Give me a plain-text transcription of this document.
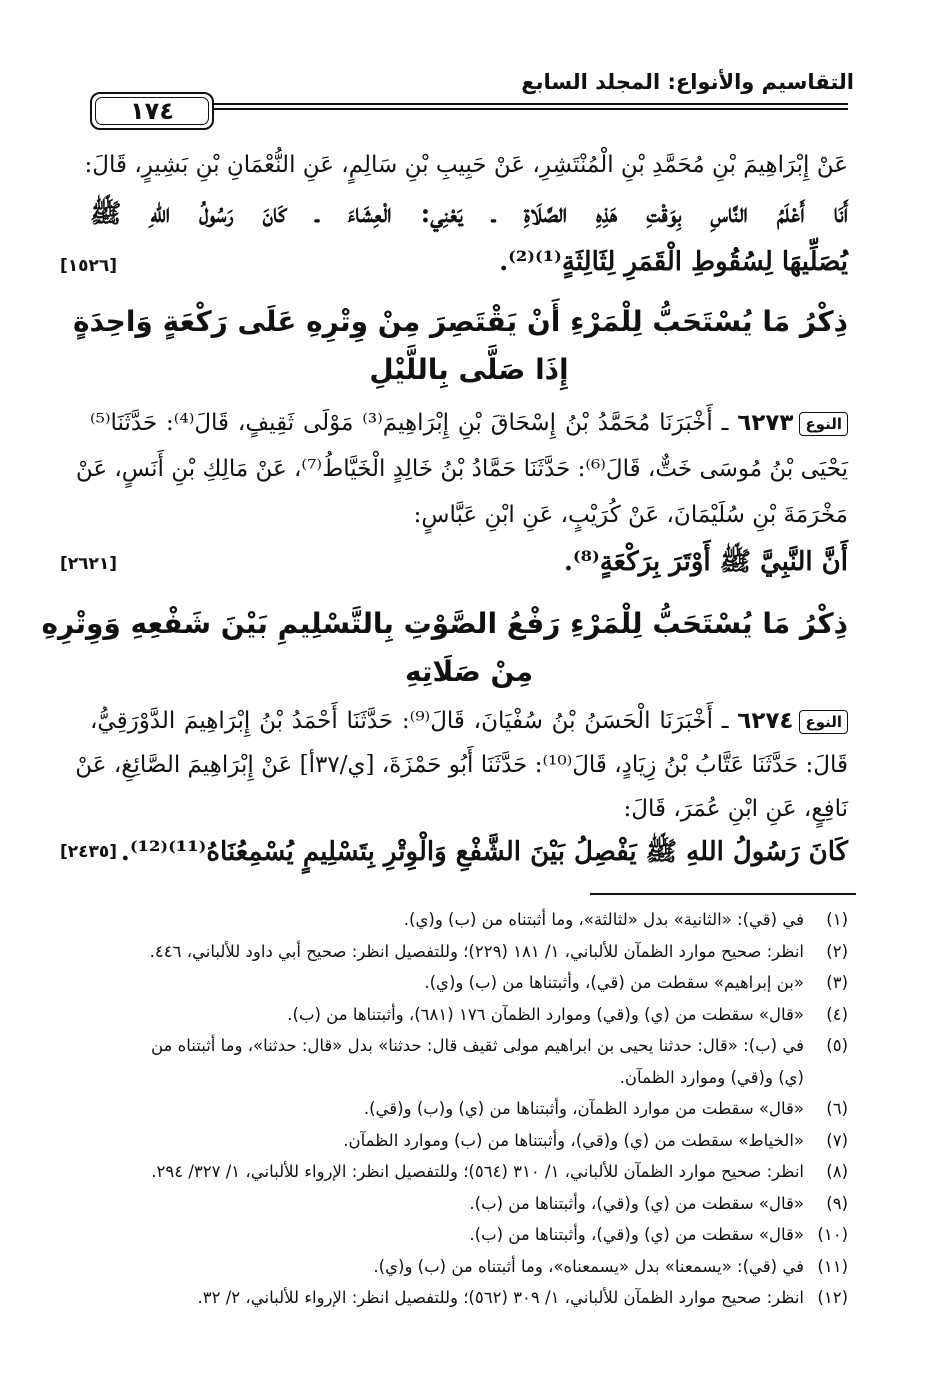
التقاسيم والأنواع: المجلد السابع
١٧٤
عَنْ إِبْرَاهِيمَ بْنِ مُحَمَّدِ بْنِ الْمُنْتَشِرِ، عَنْ حَبِيبِ بْنِ سَالِمٍ، عَنِ النُّعْمَانِ بْنِ بَشِيرٍ، قَالَ:
أَنَا أَعْلَمُ النَّاسِ بِوَقْتِ هَذِهِ الصَّلَاةِ ـ يَعْنِي: الْعِشَاءَ ـ كَانَ رَسُولُ اللهِ ﷺ
يُصَلِّيهَا لِسُقُوطِ الْقَمَرِ لِثَالِثَةٍ⁽¹⁾⁽²⁾.
[١٥٢٦]
ذِكْرُ مَا يُسْتَحَبُّ لِلْمَرْءِ أَنْ يَقْتَصِرَ مِنْ وِتْرِهِ عَلَى رَكْعَةٍ وَاحِدَةٍ
إِذَا صَلَّى بِاللَّيْلِ
النوع٦٢٧٣ ـ أَخْبَرَنَا مُحَمَّدُ بْنُ إِسْحَاقَ بْنِ إِبْرَاهِيمَ⁽³⁾ مَوْلَى ثَقِيفٍ، قَالَ⁽⁴⁾: حَدَّثَنَا⁽⁵⁾
يَحْيَى بْنُ مُوسَى خَتٌّ، قَالَ⁽⁶⁾: حَدَّثَنَا حَمَّادُ بْنُ خَالِدٍ الْخَيَّاطُ⁽⁷⁾، عَنْ مَالِكِ بْنِ أَنَسٍ، عَنْ
مَخْرَمَةَ بْنِ سُلَيْمَانَ، عَنْ كُرَيْبٍ، عَنِ ابْنِ عَبَّاسٍ:
أَنَّ النَّبِيَّ ﷺ أَوْتَرَ بِرَكْعَةٍ⁽⁸⁾.
[٢٦٢١]
ذِكْرُ مَا يُسْتَحَبُّ لِلْمَرْءِ رَفْعُ الصَّوْتِ بِالتَّسْلِيمِ بَيْنَ شَفْعِهِ وَوِتْرِهِ
مِنْ صَلَاتِهِ
النوع٦٢٧٤ ـ أَخْبَرَنَا الْحَسَنُ بْنُ سُفْيَانَ، قَالَ⁽⁹⁾: حَدَّثَنَا أَحْمَدُ بْنُ إِبْرَاهِيمَ الدَّوْرَقِيُّ،
قَالَ: حَدَّثَنَا عَتَّابُ بْنُ زِيَادٍ، قَالَ⁽¹⁰⁾: حَدَّثَنَا أَبُو حَمْزَةَ، [ي/٣٧أ] عَنْ إِبْرَاهِيمَ الصَّائِغِ، عَنْ
نَافِعٍ، عَنِ ابْنِ عُمَرَ، قَالَ:
كَانَ رَسُولُ اللهِ ﷺ يَفْصِلُ بَيْنَ الشَّفْعِ وَالْوِتْرِ بِتَسْلِيمٍ يُسْمِعُنَاهُ⁽¹¹⁾⁽¹²⁾.
[٢٤٣٥]
(١)في (قي): «الثانية» بدل «لثالثة»، وما أثبتناه من (ب) و(ي).
(٢)انظر: صحيح موارد الظمآن للألباني، ١/ ١٨١ (٢٢٩)؛ وللتفصيل انظر: صحيح أبي داود للألباني، ٤٤٦.
(٣)«بن إبراهيم» سقطت من (قي)، وأثبتناها من (ب) و(ي).
(٤)«قال» سقطت من (ي) و(قي) وموارد الظمآن ١٧٦ (٦٨١)، وأثبتناها من (ب).
(٥)في (ب): «قال: حدثنا يحيى بن ابراهيم مولى ثقيف قال: حدثنا» بدل «قال: حدثنا»، وما أثبتناه من
(ي) و(قي) وموارد الظمآن.
(٦)«قال» سقطت من موارد الظمآن، وأثبتناها من (ي) و(ب) و(قي).
(٧)«الخياط» سقطت من (ي) و(قي)، وأثبتناها من (ب) وموارد الظمآن.
(٨)انظر: صحيح موارد الظمآن للألباني، ١/ ٣١٠ (٥٦٤)؛ وللتفصيل انظر: الإرواء للألباني، ١/ ٣٢٧/ ٢٩٤.
(٩)«قال» سقطت من (ي) و(قي)، وأثبتناها من (ب).
(١٠)«قال» سقطت من (ي) و(قي)، وأثبتناها من (ب).
(١١)في (قي): «يسمعنا» بدل «يسمعناه»، وما أثبتناه من (ب) و(ي).
(١٢)انظر: صحيح موارد الظمآن للألباني، ١/ ٣٠٩ (٥٦٢)؛ وللتفصيل انظر: الإرواء للألباني، ٢/ ٣٢.
